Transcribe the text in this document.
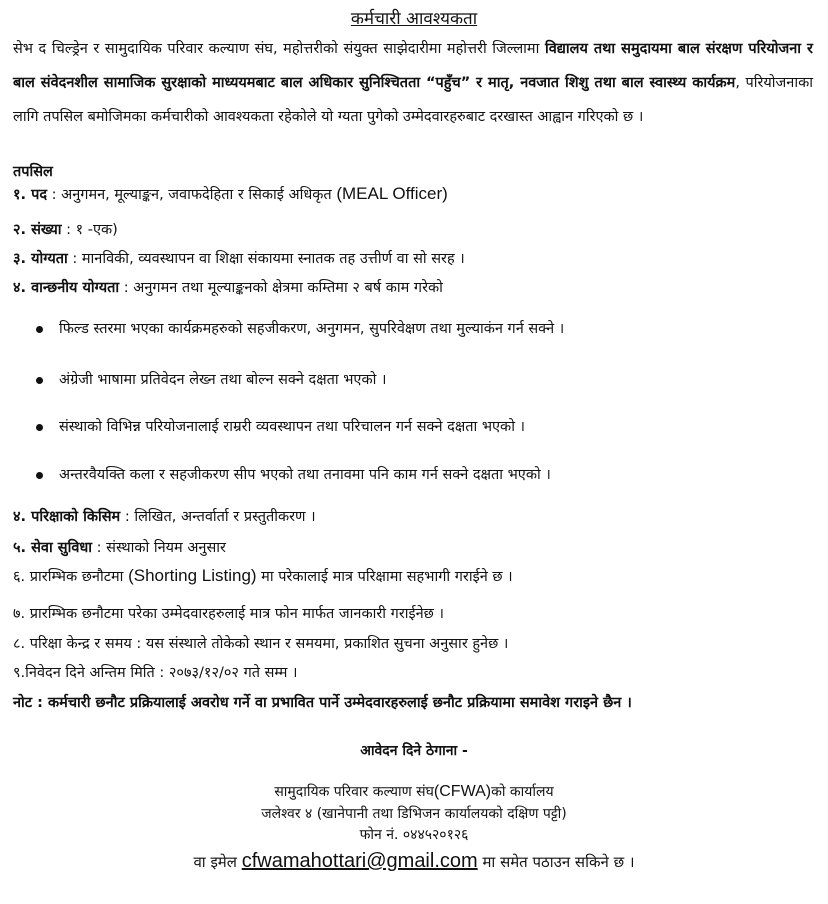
कर्मचारी आवश्यकता
सेभ द चिल्ड्रेन र सामुदायिक परिवार कल्याण संघ, महोत्तरीको संयुक्त साझेदारीमा महोत्तरी जिल्लामा विद्यालय तथा समुदायमा बाल संरक्षण परियोजना र बाल संवेदनशील सामाजिक सुरक्षाको माध्ययमबाट बाल अधिकार सुनिश्चितता “पहुँच” र मातृ, नवजात शिशु तथा बाल स्वास्थ्य कार्यक्रम, परियोजनाका लागि तपसिल बमोजिमका कर्मचारीको आवश्यकता रहेकोले यो ग्यता पुगेको उम्मेदवारहरुबाट दरखास्त आह्वान गरिएको छ ।
तपसिल
१. पद : अनुगमन, मूल्याङ्कन, जवाफदेहिता र सिकाई अधिकृत (MEAL Officer)
२. संख्या : १ -एक)
३. योग्यता : मानविकी, व्यवस्थापन वा शिक्षा संकायमा स्नातक तह उत्तीर्ण वा सो सरह ।
४. वान्छनीय योग्यता : अनुगमन तथा मूल्याङ्कनको क्षेत्रमा कम्तिमा २ बर्ष काम गरेको
फिल्ड स्तरमा भएका कार्यक्रमहरुको सहजीकरण, अनुगमन, सुपरिवेक्षण तथा मुल्याकंन गर्न सक्ने ।
अंग्रेजी भाषामा प्रतिवेदन लेख्न तथा बोल्न सक्ने दक्षता भएको ।
संस्थाको विभिन्न परियोजनालाई राम्ररी व्यवस्थापन तथा परिचालन गर्न सक्ने दक्षता भएको ।
अन्तरवैयक्ति कला र सहजीकरण सीप भएको तथा तनावमा पनि काम गर्न सक्ने दक्षता भएको ।
४. परिक्षाको किसिम : लिखित, अन्तर्वार्ता र प्रस्तुतीकरण ।
५. सेवा सुविधा : संस्थाको नियम अनुसार
६. प्रारम्भिक छनौटमा (Shorting Listing) मा परेकालाई मात्र परिक्षामा सहभागी गराईने छ ।
७. प्रारम्भिक छनौटमा परेका उम्मेदवारहरुलाई मात्र फोन मार्फत जानकारी गराईनेछ ।
८. परिक्षा केन्द्र र समय : यस संस्थाले तोकेको स्थान र समयमा, प्रकाशित सुचना अनुसार हुनेछ ।
९.निवेदन दिने अन्तिम मिति : २०७३/१२/०२ गते सम्म ।
नोट : कर्मचारी छनौट प्रक्रियालाई अवरोध गर्ने वा प्रभावित पार्ने उम्मेदवारहरुलाई छनौट प्रक्रियामा समावेश गराइने छैन ।
आवेदन दिने ठेगाना -
सामुदायिक परिवार कल्याण संघ(CFWA)को कार्यालय
जलेश्वर ४ (खानेपानी तथा डिभिजन कार्यालयको दक्षिण पट्टी)
फोन नं. ०४४५२०१२६
वा इमेल cfwamahottari@gmail.com मा समेत पठाउन सकिने छ ।
